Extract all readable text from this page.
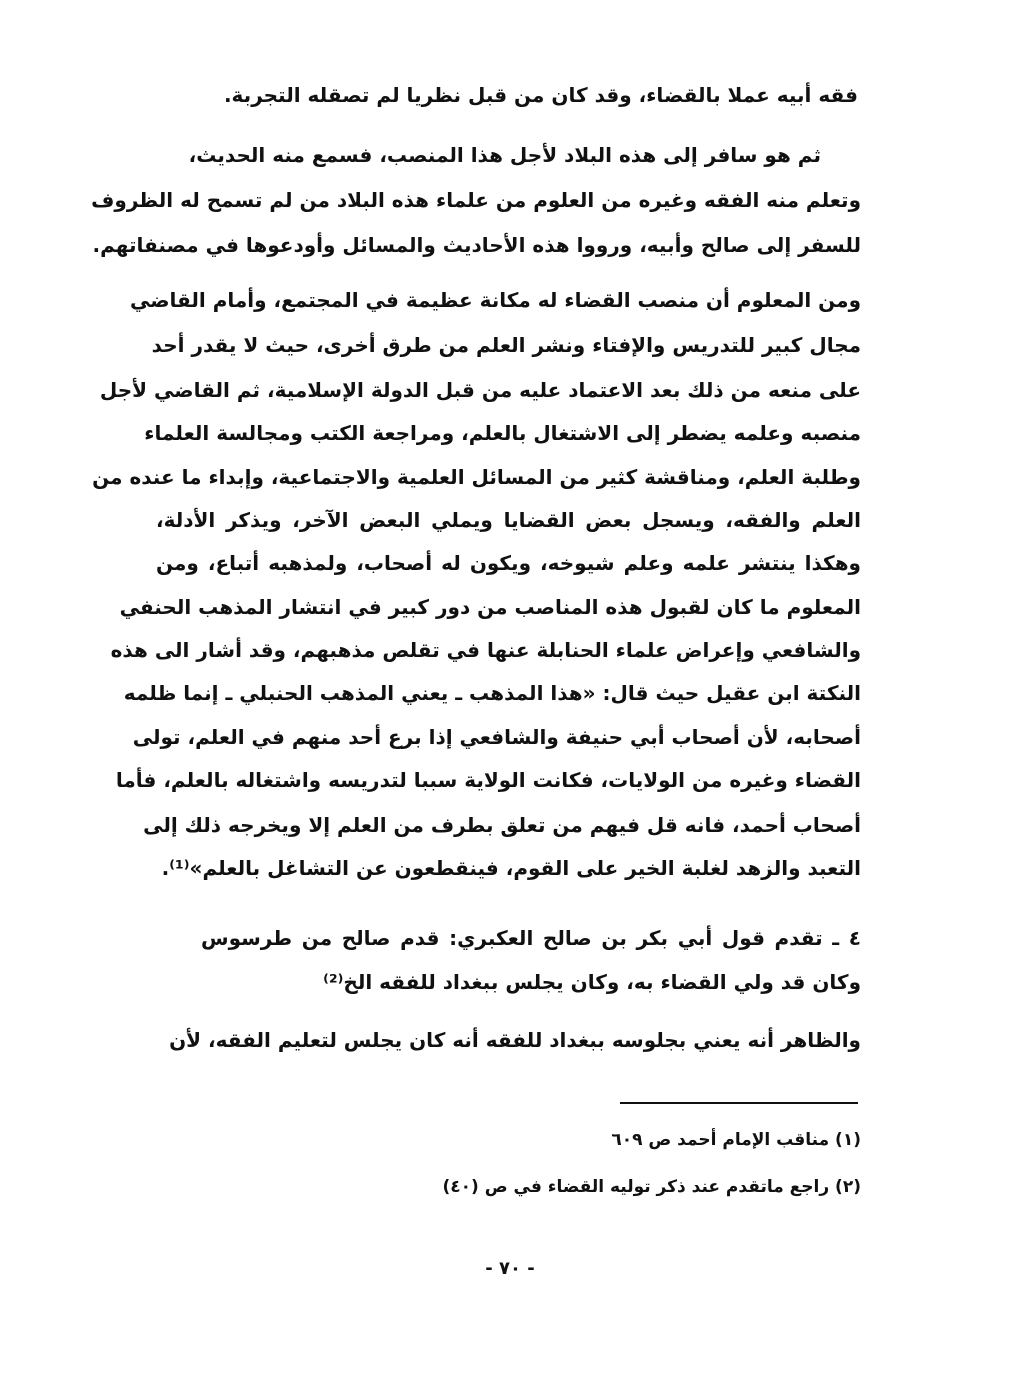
فقه أبيه عملا بالقضاء، وقد كان من قبل نظريا لم تصقله التجربة.
ثم هو سافر إلى هذه البلاد لأجل هذا المنصب، فسمع منه الحديث،
وتعلم منه الفقه وغيره من العلوم من علماء هذه البلاد من لم تسمح له الظروف
للسفر إلى صالح وأبيه، ورووا هذه الأحاديث والمسائل وأودعوها في مصنفاتهم.
ومن المعلوم أن منصب القضاء له مكانة عظيمة في المجتمع، وأمام القاضي
مجال كبير للتدريس والإفتاء ونشر العلم من طرق أخرى، حيث لا يقدر أحد
على منعه من ذلك بعد الاعتماد عليه من قبل الدولة الإسلامية، ثم القاضي لأجل
منصبه وعلمه يضطر إلى الاشتغال بالعلم، ومراجعة الكتب ومجالسة العلماء
وطلبة العلم، ومناقشة كثير من المسائل العلمية والاجتماعية، وإبداء ما عنده من
العلم والفقه، ويسجل بعض القضايا ويملي البعض الآخر، ويذكر الأدلة،
وهكذا ينتشر علمه وعلم شيوخه، ويكون له أصحاب، ولمذهبه أتباع، ومن
المعلوم ما كان لقبول هذه المناصب من دور كبير في انتشار المذهب الحنفي
والشافعي وإعراض علماء الحنابلة عنها في تقلص مذهبهم، وقد أشار الى هذه
النكتة ابن عقيل حيث قال: «هذا المذهب ـ يعني المذهب الحنبلي ـ إنما ظلمه
أصحابه، لأن أصحاب أبي حنيفة والشافعي إذا برع أحد منهم في العلم، تولى
القضاء وغيره من الولايات، فكانت الولاية سببا لتدريسه واشتغاله بالعلم، فأما
أصحاب أحمد، فانه قل فيهم من تعلق بطرف من العلم إلا ويخرجه ذلك إلى
التعبد والزهد لغلبة الخير على القوم، فينقطعون عن التشاغل بالعلم»⁽¹⁾.
٤ ـ تقدم قول أبي بكر بن صالح العكبري: قدم صالح من طرسوس
وكان قد ولي القضاء به، وكان يجلس ببغداد للفقه الخ⁽²⁾
والظاهر أنه يعني بجلوسه ببغداد للفقه أنه كان يجلس لتعليم الفقه، لأن
(١) مناقب الإمام أحمد ص ٦٠٩
(٢) راجع ماتقدم عند ذكر توليه القضاء في ص (٤٠)
- ٧٠ -
